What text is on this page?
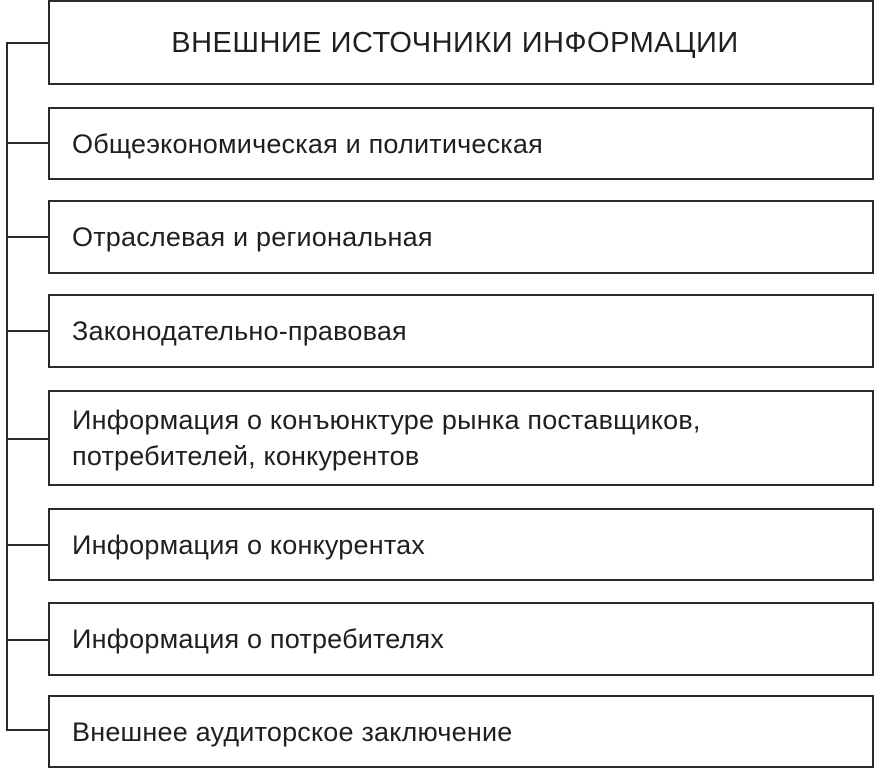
ВНЕШНИЕ ИСТОЧНИКИ ИНФОРМАЦИИ
Общеэкономическая и политическая
Отраслевая и региональная
Законодательно-правовая
Информация о конъюнктуре рынка поставщиков, потребителей, конкурентов
Информация о конкурентах
Информация о потребителях
Внешнее аудиторское заключение
